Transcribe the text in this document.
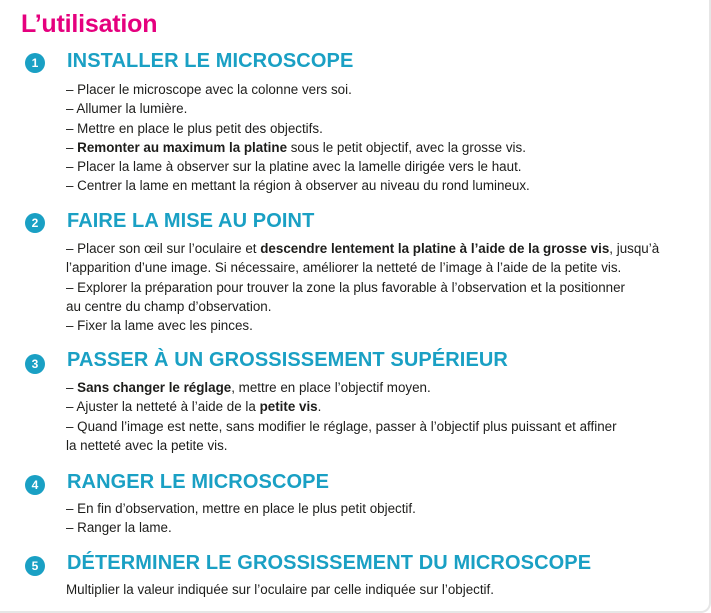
L’utilisation
1	INSTALLER LE MICROSCOPE
– Placer le microscope avec la colonne vers soi.
– Allumer la lumière.
– Mettre en place le plus petit des objectifs.
– Remonter au maximum la platine sous le petit objectif, avec la grosse vis.
– Placer la lame à observer sur la platine avec la lamelle dirigée vers le haut.
– Centrer la lame en mettant la région à observer au niveau du rond lumineux.
2	FAIRE LA MISE AU POINT
– Placer son œil sur l’oculaire et descendre lentement la platine à l’aide de la grosse vis, jusqu’à
l’apparition d’une image. Si nécessaire, améliorer la netteté de l’image à l’aide de la petite vis.
– Explorer la préparation pour trouver la zone la plus favorable à l’observation et la positionner
au centre du champ d’observation.
– Fixer la lame avec les pinces.
3	PASSER À UN GROSSISSEMENT SUPÉRIEUR
– Sans changer le réglage, mettre en place l’objectif moyen.
– Ajuster la netteté à l’aide de la petite vis.
– Quand l’image est nette, sans modifier le réglage, passer à l’objectif plus puissant et affiner
la netteté avec la petite vis.
4	RANGER LE MICROSCOPE
– En fin d’observation, mettre en place le plus petit objectif.
– Ranger la lame.
5	DÉTERMINER LE GROSSISSEMENT DU MICROSCOPE
Multiplier la valeur indiquée sur l’oculaire par celle indiquée sur l’objectif.
